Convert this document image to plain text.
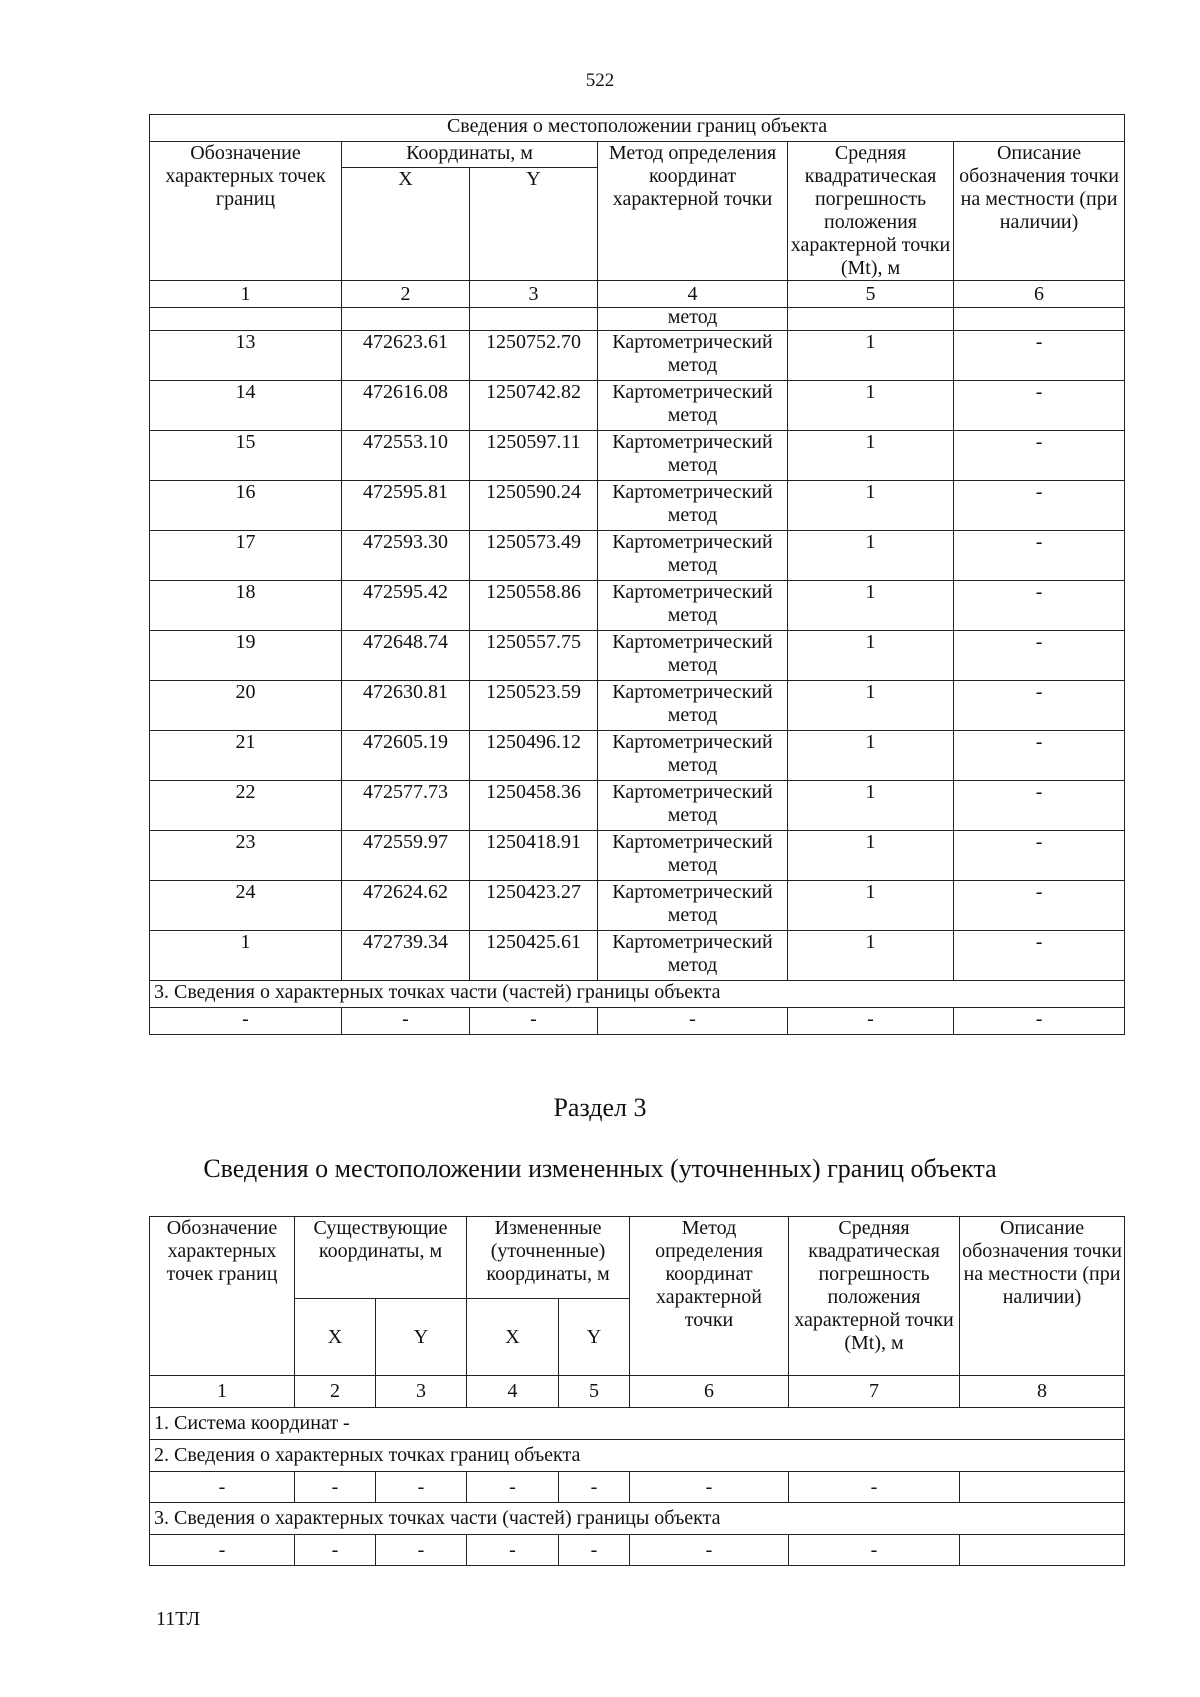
522
Сведения о местоположении границ объекта					
Обозначение характерных точек границ	Координаты, м		Метод определения координат характерной точки	Средняя квадратическая погрешность положения характерной точки (Mt), м	Описание обозначения точки на местности (при наличии)
	X	Y			
1	2	3	4	5	6
			метод		
13	472623.61	1250752.70	Картометрический метод	1	-
14	472616.08	1250742.82	Картометрический метод	1	-
15	472553.10	1250597.11	Картометрический метод	1	-
16	472595.81	1250590.24	Картометрический метод	1	-
17	472593.30	1250573.49	Картометрический метод	1	-
18	472595.42	1250558.86	Картометрический метод	1	-
19	472648.74	1250557.75	Картометрический метод	1	-
20	472630.81	1250523.59	Картометрический метод	1	-
21	472605.19	1250496.12	Картометрический метод	1	-
22	472577.73	1250458.36	Картометрический метод	1	-
23	472559.97	1250418.91	Картометрический метод	1	-
24	472624.62	1250423.27	Картометрический метод	1	-
1	472739.34	1250425.61	Картометрический метод	1	-
3. Сведения о характерных точках части (частей) границы объекта					
-	-	-	-	-	-
Раздел 3
Сведения о местоположении измененных (уточненных) границ объекта
Обозначение характерных точек границ	Существующие координаты, м		Измененные (уточненные) координаты, м		Метод определения координат характерной точки	Средняя квадратическая погрешность положения характерной точки (Mt), м	Описание обозначения точки на местности (при наличии)
	X	Y	X	Y			
1	2	3	4	5	6	7	8
1. Система координат -							
2. Сведения о характерных точках границ объекта							
-	-	-	-	-	-	-	
3. Сведения о характерных точках части (частей) границы объекта							
-	-	-	-	-	-	-	
11ТЛ
